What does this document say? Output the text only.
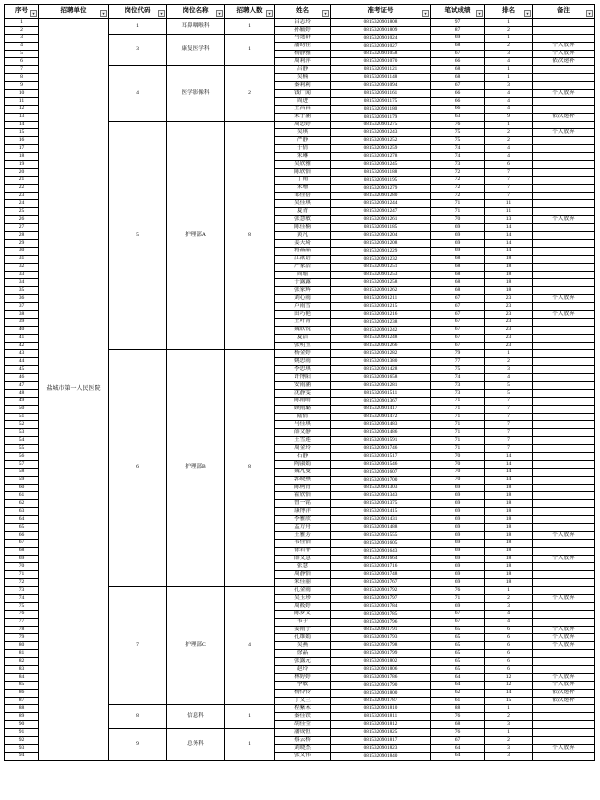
序号 ▾	招聘单位 ▾	岗位代码 ▾	岗位名称 ▾	招聘人数 ▾	姓名 ▾	准考证号 ▾	笔试成绩 ▾	排名 ▾	备注 ▾

1	盐城市第一人民医院	1	耳鼻咽喉科	1	吕志玲	0815320901808	97	1	
2					孙毓婷	0815320901809	87	2	
3		3	康复医学科	1	马逸群	0815320901024	69	1	
4					潘昀佳	0815320901027	68	2	个人放弃
5					杨静雅	0815320901058	67	3	个人放弃
6					周莉萍	0815320901070	66	4	依次递补
7		4	医学影像科	2	吕静	0815320901121	68	1	
8					吴楠	0815320901148	68	1	
9					秦莉莉	0815320901094	67	3	
10					钱广闻	0815320901161	66	4	个人放弃
11					周进	0815320901175	66	4	
12					王昌昌	0815320901180	66	4	
13					朱子涵	0815320901179	63	9	依次递补
14		5	护理部A	8	周思婷	0815320901275	76	1	
15					吴琪	0815320901243	75	2	个人放弃
16					严静	0815320901252	75	2	
17					于倩	0815320901259	74	4	
18					朱琳	0815320901278	74	4	
19					吴欣雅	0815320901245	73	6	
20					陈欣怡	0815320901188	72	7	
21					丁雨	0815320901195	72	7	
22					朱珊	0815320901279	72	7	
23					邹佳蓓	0815320901280	72	7	
24					吴佳琪	0815320901244	71	11	
25					夏青	0815320901247	71	11	
26					张慧敏	0815320901261	70	13	个人放弃
27					陈佳楠	0815320901185	69	14	
28					黄凡	0815320901204	69	14	
29					姜天琦	0815320901208	69	14	
30					蒋晶晶	0815320901229	69	14	
31					江歆语	0815320901232	68	18	
32					严家浩	0815320901251	68	18	
33					周瑜	0815320901253	68	18	
34					于露露	0815320901258	68	18	
35					张家辉	0815320901262	68	18	
36					刘心雨	0815320901211	67	23	个人放弃
37					卢雨雪	0815320901215	67	23	
38					田巧艳	0815320901216	67	23	个人放弃
39					王叶菁	0815320901238	67	23	
40					魏欣悦	0815320901242	67	23	
41					夏洁	0815320901248	67	23	
42					张明玉	0815320901266	67	23	
43		6	护理部B	8	杨金婷	0815320901282	79	1	
44					姚思雨	0815320901380	77	2	
45					李思琪	0815320901428	75	3	
46					许博阳	0815320901658	74	4	
47					安雨涵	0815320901281	73	5	
48					沈静雯	0815320901511	73	5	
49					陈雨晴	0815320901367	71	7	
50					顾雨璐	0815320901417	71	7	
51					陆倩	0815320901472	71	7	
52					马佳琪	0815320901483	71	7	
53					薛文静	0815320901486	71	7	
54					王雪莲	0815320901591	71	7	
55					周金玲	0815320901746	71	7	
56					石静	0815320901517	70	14	
57					陶淑娟	0815320901546	70	14	
58					魏凡曼	0815320901607	70	14	
59					郭晓燕	0815320901700	70	14	
60					陈柯青	0815320901303	69	18	
61					霍欣怡	0815320901343	69	18	
62					曾一铭	0815320901375	69	18	
63					康博洋	0815320901415	69	18	
64					李雅欣	0815320901431	69	18	
65					孟方舟	0815320901488	69	18	
66					王雅芳	0815320901555	69	18	个人放弃
67					韦佳怡	0815320901605	69	18	
68					徐若菲	0815320901643	69	18	
69					薛文慧	0815320901664	69	18	个人放弃
70					张慧	0815320901716	69	18	
71					周静怡	0815320901748	69	18	
72					朱佳丽	0815320901767	69	18	
73		7	护理部C	4	孔金雨	0815320901792	76	1	
74					吴玉珍	0815320901797	71	2	个人放弃
75					周筱婷	0815320901784	69	3	
76					陈梦文	0815320901785	67	4	
77					韦宇	0815320901796	67	4	
78					姜雨宁	0815320901791	65	6	个人放弃
79					孔维娟	0815320901793	65	6	个人放弃
80					吴燕	0815320901798	65	6	个人放弃
81					徐晶	0815320901799	65	6	
82					张露元	0815320901802	65	6	
83					赵玲	0815320901806	65	6	
84					林婷婷	0815320901786	64	12	个人放弃
85					李敏	0815320901790	64	12	个人放弃
86					杨伶伶	0815320901800	62	14	依次递补
87					丁文兰	0815320901787	61	15	依次递补
88		8	信息科	1	程紫禾	0815320901810	88	1	
89					秦佳铁	0815320901811	76	2	
90					胡佳莹	0815320901812	68	3	
91		9	总务科	1	潘成恒	0815320901825	76	1	
92					蔡云桥	0815320901817	67	2	
93					刘晓杰	0815320901823	64	3	个人放弃
94					张文伟	0815320901840	64	3	
